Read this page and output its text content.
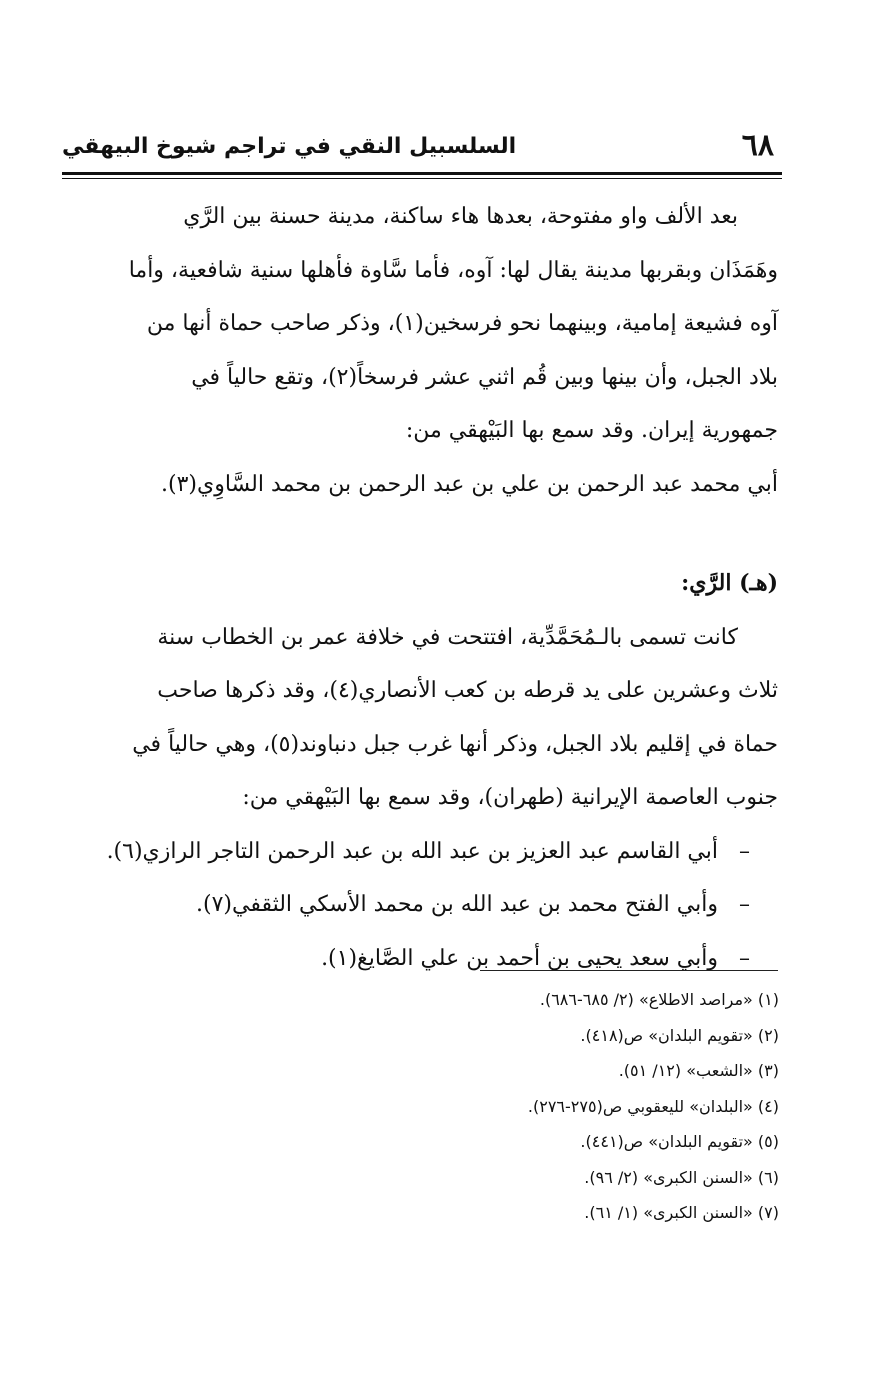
٦٨
السلسبيل النقي في تراجم شيوخ البيهقي
بعد الألف واو مفتوحة، بعدها هاء ساكنة، مدينة حسنة بين الرَّي
وهَمَذَان وبقربها مدينة يقال لها: آوه، فأما سَّاوة فأهلها سنية شافعية، وأما
آوه فشيعة إمامية، وبينهما نحو فرسخين(١)، وذكر صاحب حماة أنها من
بلاد الجبل، وأن بينها وبين قُم اثني عشر فرسخاً(٢)، وتقع حالياً في
جمهورية إيران. وقد سمع بها البَيْهقي من:
أبي محمد عبد الرحمن بن علي بن عبد الرحمن بن محمد السَّاوِي(٣).
(هـ) الرَّي:
كانت تسمى بالـمُحَمَّدِّية، افتتحت في خلافة عمر بن الخطاب سنة
ثلاث وعشرين على يد قرطه بن كعب الأنصاري(٤)، وقد ذكرها صاحب
حماة في إقليم بلاد الجبل، وذكر أنها غرب جبل دنباوند(٥)، وهي حالياً في
جنوب العاصمة الإيرانية (طهران)، وقد سمع بها البَيْهقي من:
– أبي القاسم عبد العزيز بن عبد الله بن عبد الرحمن التاجر الرازي(٦).
– وأبي الفتح محمد بن عبد الله بن محمد الأسكي الثقفي(٧).
– وأبي سعد يحيى بن أحمد بن علي الصَّايغ(١).
(١) «مراصد الاطلاع» (٢/ ٦٨٥-٦٨٦).
(٢) «تقويم البلدان» ص(٤١٨).
(٣) «الشعب» (١٢/ ٥١).
(٤) «البلدان» لليعقوبي ص(٢٧٥-٢٧٦).
(٥) «تقويم البلدان» ص(٤٤١).
(٦) «السنن الكبرى» (٢/ ٩٦).
(٧) «السنن الكبرى» (١/ ٦١).
